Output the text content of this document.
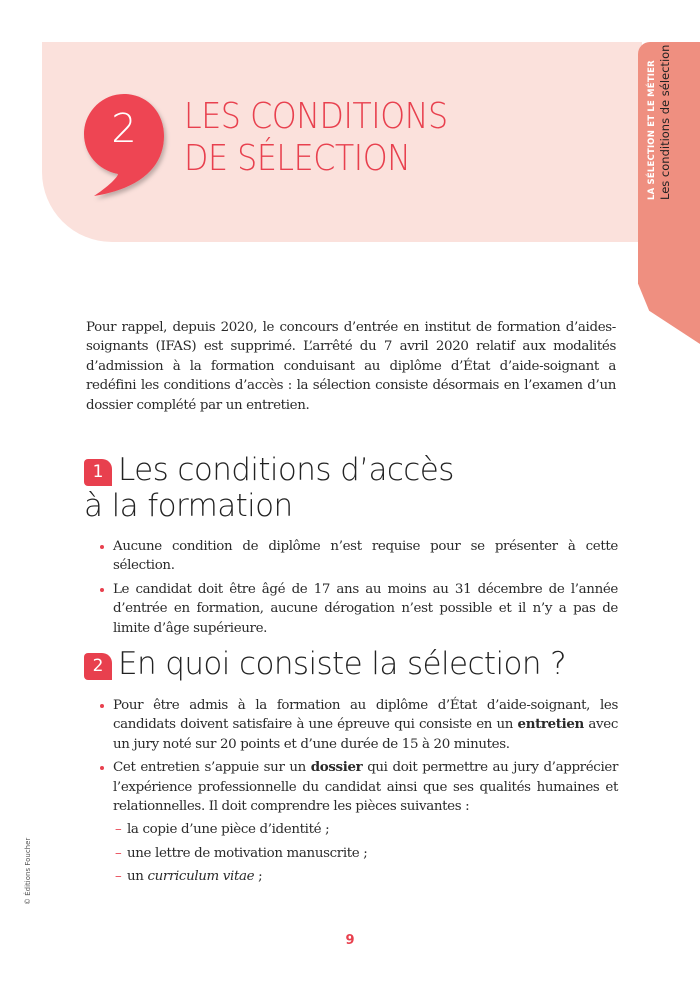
2	LES CONDITIONS
DE SÉLECTION	LA SÉLECTION ET LE MÉTIER Les conditions de sélection

Pour rappel, depuis 2020, le concours d’entrée en institut de formation d’aides-soignants (IFAS) est supprimé. L’arrêté du 7 avril 2020 relatif aux modalités d’admission à la formation conduisant au diplôme d’État d’aide-soignant a redéfini les conditions d’accès : la sélection consiste désormais en l’examen d’un dossier complété par un entretien.

1 Les conditions d’accès
à la formation
Aucune condition de diplôme n’est requise pour se présenter à cette sélection.
Le candidat doit être âgé de 17 ans au moins au 31 décembre de l’année d’entrée en formation, aucune dérogation n’est possible et il n’y a pas de limite d’âge supérieure.
2 En quoi consiste la sélection ?
Pour être admis à la formation au diplôme d’État d’aide-soignant, les candidats doivent satisfaire à une épreuve qui consiste en un entretien avec un jury noté sur 20 points et d’une durée de 15 à 20 minutes.
Cet entretien s’appuie sur un dossier qui doit permettre au jury d’apprécier l’expérience professionnelle du candidat ainsi que ses qualités humaines et relationnelles. Il doit comprendre les pièces suivantes :
– la copie d’une pièce d’identité ;
– une lettre de motivation manuscrite ;
– un curriculum vitae ;
© Éditions Foucher
9
